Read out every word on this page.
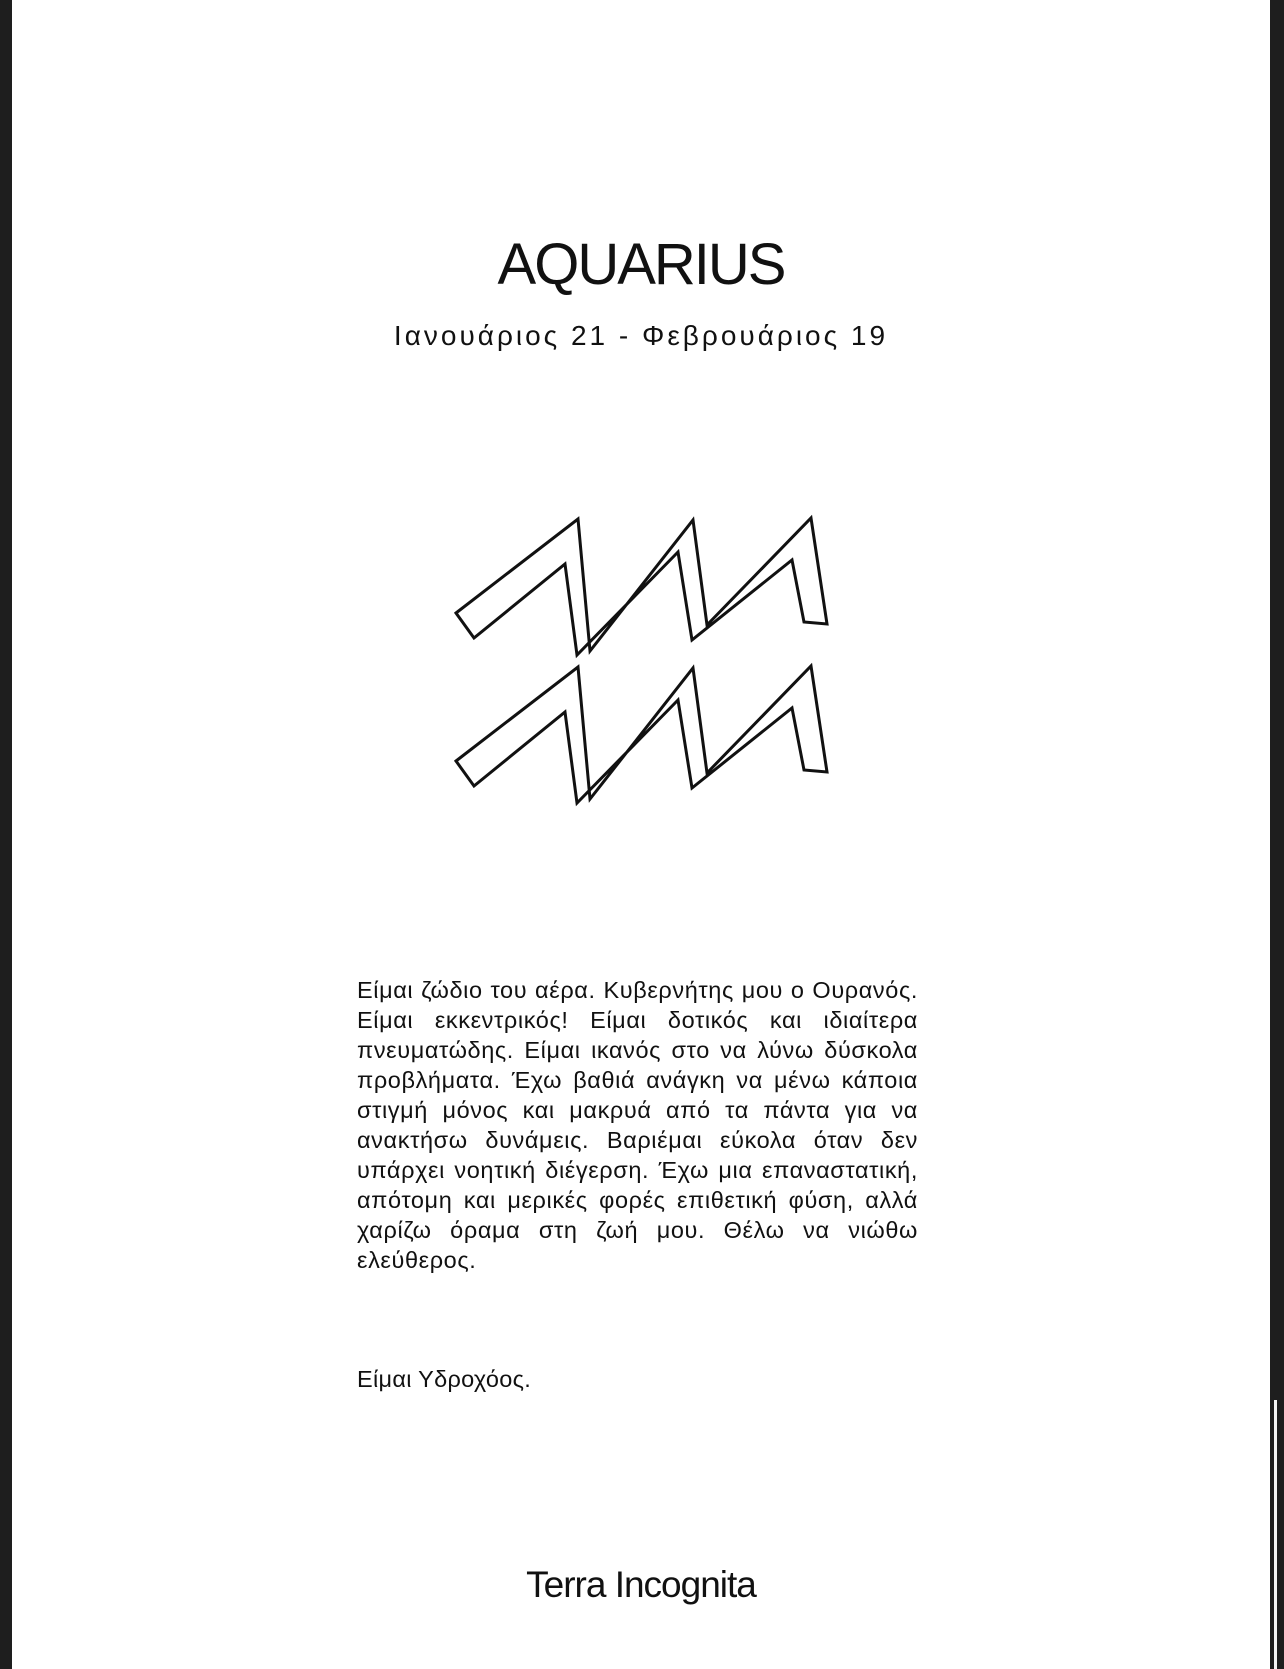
AQUARIUS
Ιανουάριος 21 - Φεβρουάριος 19

Είμαι ζώδιο του αέρα. Κυβερνήτης μου ο Ουρανός. Είμαι εκκεντρικός! Είμαι δοτικός και ιδιαίτερα πνευματώδης. Είμαι ικανός στο να λύνω δύσκολα προβλήματα. Έχω βαθιά ανάγκη να μένω κάποια στιγμή μόνος και μακρυά από τα πάντα για να ανακτήσω δυνάμεις. Βαριέμαι εύκολα όταν δεν υπάρχει νοητική διέγερση. Έχω μια επαναστατική, απότομη και μερικές φορές επιθετική φύση, αλλά χαρίζω όραμα στη ζωή μου. Θέλω να νιώθω ελεύθερος.

Είμαι Υδροχόος.

Terra Incognita
